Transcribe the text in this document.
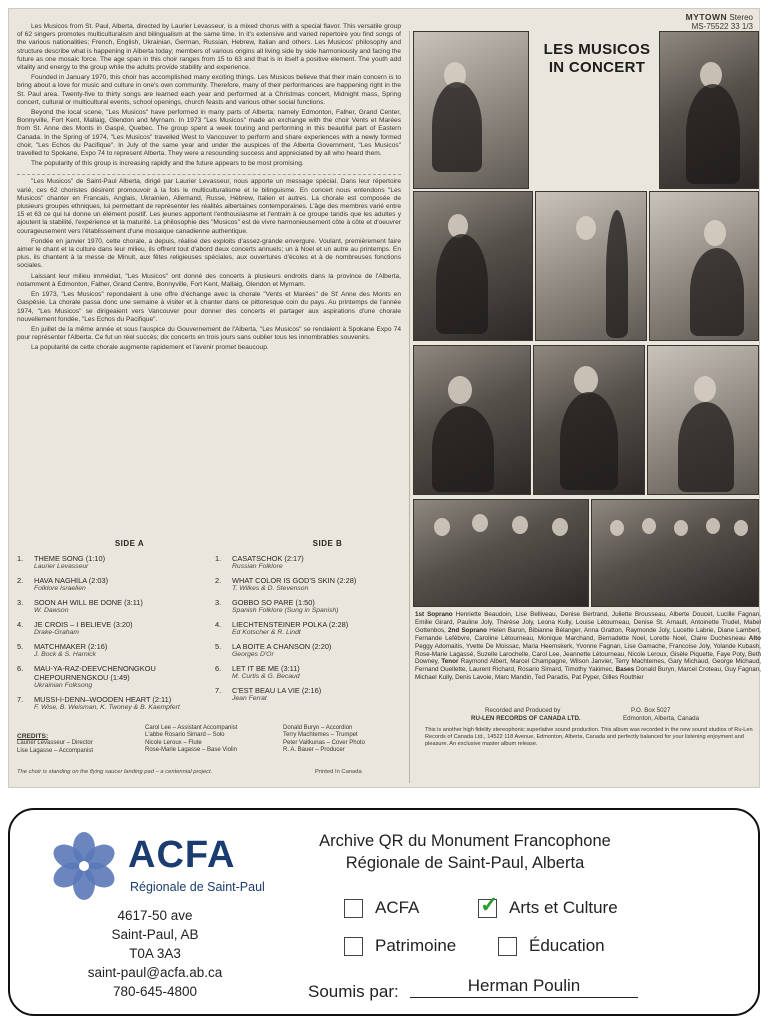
Les Musicos from St. Paul, Alberta, directed by Laurier Levasseur, is a mixed chorus with a special flavor. This versatile group of 62 singers promotes multiculturalism and bilingualism at the same time. In it's extensive and varied repertoire you find songs of the various nationalities; French, English, Ukrainian, German, Russian, Hebrew, Italian and others. Les Musicos' philosophy and structure describe what is happening in Alberta today; members of various origins all living side by side harmoniously and facing the future as one mosaic force. The age span in this choir ranges from 15 to 63 and that is in itself a positive element. The youth add vitality and energy to the group while the adults provide stability and experience.

Founded in January 1970, this choir has accomplished many exciting things. Les Musicos believe that their main concern is to bring about a love for music and culture in one's own community. Therefore, many of their performances are happening right in the St. Paul area. Twenty-five to thirty songs are learned each year and performed at a Christmas concert, Midnight mass, Spring concert, cultural or multicultural events, school openings, church feasts and various other social functions.

Beyond the local scene, "Les Musicos" have performed in many parts of Alberta; namely Edmonton, Falher, Grand Center, Bonnyville, Fort Kent, Mallaig, Glendon and Myrnam. In 1973 "Les Musicos" made an exchange with the choir Vents et Marées from St. Anne des Monts in Gaspé, Quebec. The group spent a week touring and performing in this beautiful part of Eastern Canada. In the Spring of 1974, "Les Musicos" travelled West to Vancouver to perform and share experiences with a newly formed choir, "Les Echos du Pacifique". In July of the same year and under the auspices of the Alberta Government, "Les Musicos" travelled to Spokane, Expo 74 to represent Alberta. They were a resounding success and appreciated by all who heard them.

The popularity of this group is increasing rapidly and the future appears to be most promising.

"Les Musicos" de Saint-Paul Alberta, dirigé par Laurier Levasseur, nous apporte un message spécial. Dans leur répertoire varié, ces 62 choristes désirent promouvoir à la fois le multiculturalisme et le bilinguisme. En concert nous entendons "Les Musicos" chanter en Francais, Anglais, Ukrainien, Allemand, Russe, Hébrew, Italien et autres. La chorale est composée de plusieurs groupes ethniques, lui permettant de représenter les réalités albertaines contemporaines. L'âge des membres varié entre 15 et 63 ce qui lui donne un élément positif. Les jeunes apportent l'enthousiasme et l'entrain à ce groupe tandis que les adultes y ajoutent la stabilité, l'expérience et la maturité. La philosophie des "Musicos" est de vivre harmonieusement côte à côte et d'oeuvrer courageusement vers l'établissement d'une mosaique canadienne authentique.

Fondée en janvier 1970, cette chorale, a depuis, réalisé des exploits d'assez-grande envergure. Voulant, premièrement faire aimer le chant et la culture dans leur milieu, ils offrent tout d'abord deux concerts annuels; un à Noel et un autre au printemps. En plus, ils chantent à la messe de Minuit, aux fêtes religieuses spéciales, aux ouvertures d'écoles et à de nombreuses fonctions sociales.

Laissant leur milieu immédiat, "Les Musicos" ont donné des concerts à plusieurs endroits dans la province de l'Alberta, notamment à Edmonton, Falher, Grand Centre, Bonnyville, Fort Kent, Mallaig, Glendon et Myrnam.

En 1973, "Les Musicos" repondaient à une offre d'échange avec la chorale "Vents et Marées" de St' Anne des Monts en Gaspésie. La chorale passa donc une semaine à visiter et à chanter dans ce pittoresque coin du pays. Au printemps de l'année 1974, "Les Musicos" se dirigeaient vers Vancouver pour donner des concerts et partager aux aspirations d'une chorale nouvellement fondée, "Les Echos du Pacifique".

En juillet de la même année et sous l'auspice du Gouvernement de l'Alberta, "Les Musicos" se rendaient à Spokane Expo 74 pour représenter l'Alberta. Ce fut un réel succès; dix concerts en trois jours sans oublier tous les innombrables souvenirs.

La popularité de cette chorale augmente rapidement et l'avenir promet beaucoup.

SIDE A
1. THEME SONG (1:10)
Laurier Levasseur
2. HAVA NAGHILA (2:03)
Folklore Israelien
3. SOON AH WILL BE DONE (3:11)
W. Dawson
4. JE CROIS – I BELIEVE (3:20)
Drake-Graham
5. MATCHMAKER (2:16)
J. Bock & S. Harnick
6. MAU-YA-RAZ-DEEVCHENONGKOU CHEPOURNENGKOU (1:49)
Ukrainian Folksong
7. MUSSI-I-DENN–WOODEN HEART (2:11)
F. Wise, B. Weisman, K. Twoney & B. Kaempfert
SIDE B
1. CASATSCHOK (2:17)
Russian Folklore
2. WHAT COLOR IS GOD'S SKIN (2:28)
T. Wilkes & D. Stevenson
3. GOBBO SO PARE (1:50)
Spanish Folklore (Sung in Spanish)
4. LIECHTENSTEINER POLKA (2:28)
Ed Kotscher & R. Lindt
5. LA BOITE A CHANSON (2:20)
Georges D'Or
6. LET IT BE ME (3:11)
M. Curtis & G. Becaud
7. C'EST BEAU LA VIE (2:16)
Jean Ferrat
CREDITS:
Laurier Levasseur – Director
Lise Lagasse – Accompanist
Carol Lee – Assistant Accompanist
L'abbe Rosario Simard – Solo
Nicole Leroux – Flute
Rose-Marie Lagasse – Base Violin
Donald Buryn – Accordion
Terry Machtemes – Trumpet
Peter Vaitkunas – Cover Photo
R. A. Bauer – Producer
The choir is standing on the flying saucer landing pad – a centennial project.	Printed In Canada
MYTOWN Stereo
MS-75522 33 1/3
LES MUSICOS
IN CONCERT
1st Soprano Henriette Beaudoin, Lise Belliveau, Denise Bertrand, Juliette Brousseau, Alberte Doucet, Lucille Fagnan, Emilie Girard, Pauline Joly, Thérèse Joly, Leona Kully, Louise Létourneau, Denise St. Arnault, Antoinette Trudel, Mabel Gottenbos, 2nd Soprano Helen Baron, Bibianne Bélanger, Anna Gratton, Raymonde Joly, Lucette Labrie, Diane Lambert, Fernande Lefèbvre, Caroline Létourneau, Monique Marchand, Bernadette Noel, Lorette Noel, Claire Duchesneau Alto Peggy Adomaitis, Yvette De Moissac, Maria Heemskerk, Yvonne Fagnan, Lise Gamache, Francoise Joly, Yolande Kubash, Rose-Marie Lagassé, Suzelle Larochelle, Carol Lee, Jeannette Létourneau, Nicole Leroux, Gisèle Piquette, Faye Poty, Beth Downey, Tenor Raymond Albert, Marcel Champagne, Wilson Janvier, Terry Machtemes, Gary Michaud, George Michaud, Fernand Ouellette, Laurent Richard, Rosario Simard, Timothy Yakimec, Bases Donald Buryn, Marcel Croteau, Guy Fagnan, Michael Kully, Denis Lavoie, Marc Mandin, Ted Paradis, Pat Pyper, Gilles Routhier
Recorded and Produced by
RU-LEN RECORDS OF CANADA LTD.
P.O. Box 5027
Edmonton, Alberta, Canada
This is another high fidelity stereophonic superlative sound production. This album was recorded in the new sound studios of Ru-Len Records of Canada Ltd., 14522 118 Avenue, Edmonton, Alberta, Canada and perfectly balanced for your listening enjoyment and pleasure. An exclusive master album release.
ACFA
Régionale de Saint-Paul
4617-50 ave
Saint-Paul, AB
T0A 3A3
saint-paul@acfa.ab.ca
780-645-4800
Archive QR du Monument Francophone
Régionale de Saint-Paul, Alberta
ACFA	✓ Arts et Culture
Patrimoine	Éducation
Soumis par:	Herman Poulin
